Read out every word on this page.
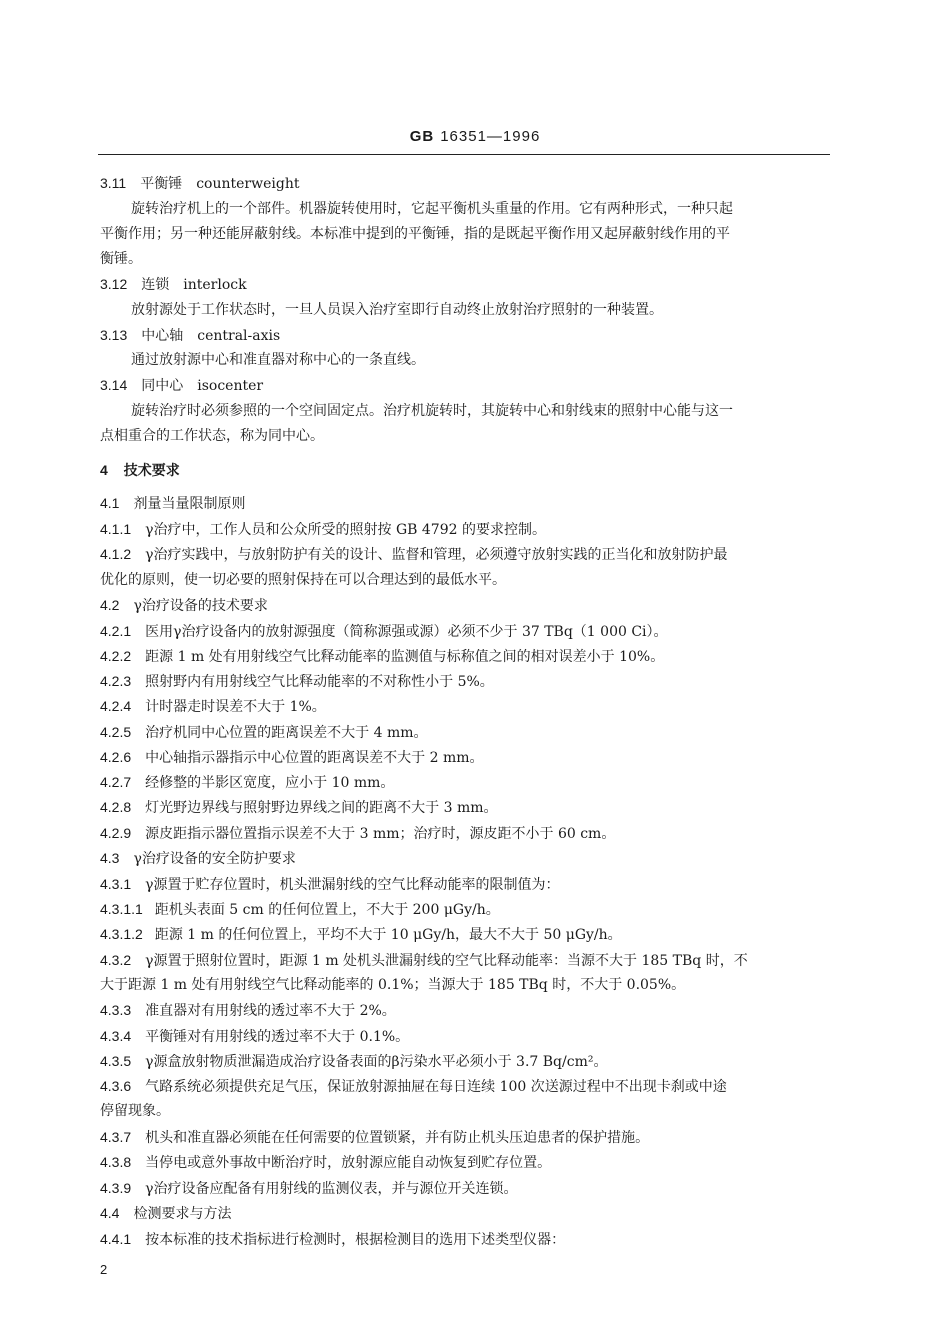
GB 16351—1996
3.11 平衡锤　counterweight
旋转治疗机上的一个部件。机器旋转使用时，它起平衡机头重量的作用。它有两种形式，一种只起
平衡作用；另一种还能屏蔽射线。本标准中提到的平衡锤，指的是既起平衡作用又起屏蔽射线作用的平
衡锤。
3.12 连锁　interlock
放射源处于工作状态时，一旦人员误入治疗室即行自动终止放射治疗照射的一种装置。
3.13 中心轴　central-axis
通过放射源中心和准直器对称中心的一条直线。
3.14 同中心　isocenter
旋转治疗时必须参照的一个空间固定点。治疗机旋转时，其旋转中心和射线束的照射中心能与这一
点相重合的工作状态，称为同中心。
4 技术要求
4.1 剂量当量限制原则
4.1.1 γ治疗中，工作人员和公众所受的照射按 GB 4792 的要求控制。
4.1.2 γ治疗实践中，与放射防护有关的设计、监督和管理，必须遵守放射实践的正当化和放射防护最
优化的原则，使一切必要的照射保持在可以合理达到的最低水平。
4.2 γ治疗设备的技术要求
4.2.1 医用γ治疗设备内的放射源强度（简称源强或源）必须不少于 37 TBq（1 000 Ci）。
4.2.2 距源 1 m 处有用射线空气比释动能率的监测值与标称值之间的相对误差小于 10%。
4.2.3 照射野内有用射线空气比释动能率的不对称性小于 5%。
4.2.4 计时器走时误差不大于 1%。
4.2.5 治疗机同中心位置的距离误差不大于 4 mm。
4.2.6 中心轴指示器指示中心位置的距离误差不大于 2 mm。
4.2.7 经修整的半影区宽度，应小于 10 mm。
4.2.8 灯光野边界线与照射野边界线之间的距离不大于 3 mm。
4.2.9 源皮距指示器位置指示误差不大于 3 mm；治疗时，源皮距不小于 60 cm。
4.3 γ治疗设备的安全防护要求
4.3.1 γ源置于贮存位置时，机头泄漏射线的空气比释动能率的限制值为：
4.3.1.1 距机头表面 5 cm 的任何位置上，不大于 200 μGy/h。
4.3.1.2 距源 1 m 的任何位置上，平均不大于 10 μGy/h，最大不大于 50 μGy/h。
4.3.2 γ源置于照射位置时，距源 1 m 处机头泄漏射线的空气比释动能率：当源不大于 185 TBq 时，不
大于距源 1 m 处有用射线空气比释动能率的 0.1%；当源大于 185 TBq 时，不大于 0.05%。
4.3.3 准直器对有用射线的透过率不大于 2%。
4.3.4 平衡锤对有用射线的透过率不大于 0.1%。
4.3.5 γ源盒放射物质泄漏造成治疗设备表面的β污染水平必须小于 3.7 Bq/cm²。
4.3.6 气路系统必须提供充足气压，保证放射源抽屉在每日连续 100 次送源过程中不出现卡刹或中途
停留现象。
4.3.7 机头和准直器必须能在任何需要的位置锁紧，并有防止机头压迫患者的保护措施。
4.3.8 当停电或意外事故中断治疗时，放射源应能自动恢复到贮存位置。
4.3.9 γ治疗设备应配备有用射线的监测仪表，并与源位开关连锁。
4.4 检测要求与方法
4.4.1 按本标准的技术指标进行检测时，根据检测目的选用下述类型仪器：
2
